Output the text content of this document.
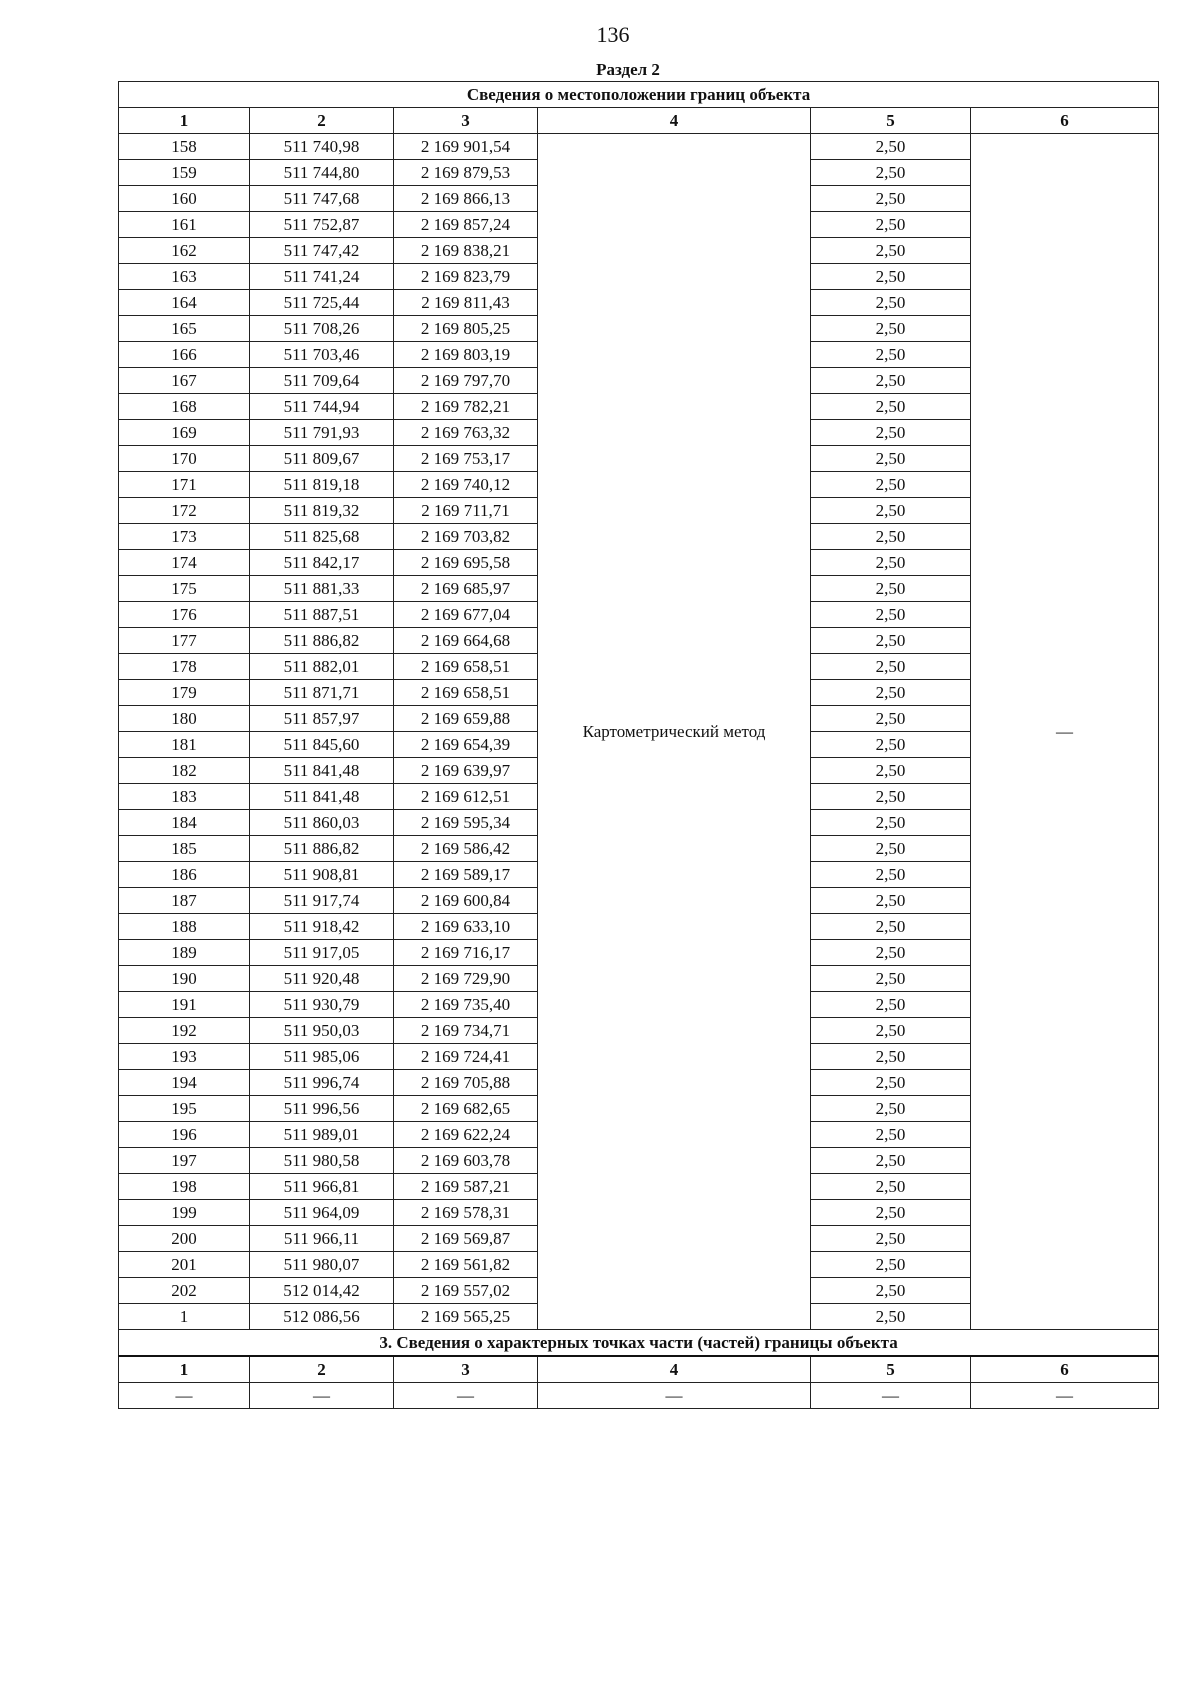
136
Раздел 2
Сведения о местоположении границ объекта					
1	2	3	4	5	6
158	511 740,98	2 169 901,54	Картометрический метод	2,50	—
159	511 744,80	2 169 879,53		2,50	
160	511 747,68	2 169 866,13		2,50	
161	511 752,87	2 169 857,24		2,50	
162	511 747,42	2 169 838,21		2,50	
163	511 741,24	2 169 823,79		2,50	
164	511 725,44	2 169 811,43		2,50	
165	511 708,26	2 169 805,25		2,50	
166	511 703,46	2 169 803,19		2,50	
167	511 709,64	2 169 797,70		2,50	
168	511 744,94	2 169 782,21		2,50	
169	511 791,93	2 169 763,32		2,50	
170	511 809,67	2 169 753,17		2,50	
171	511 819,18	2 169 740,12		2,50	
172	511 819,32	2 169 711,71		2,50	
173	511 825,68	2 169 703,82		2,50	
174	511 842,17	2 169 695,58		2,50	
175	511 881,33	2 169 685,97		2,50	
176	511 887,51	2 169 677,04		2,50	
177	511 886,82	2 169 664,68		2,50	
178	511 882,01	2 169 658,51		2,50	
179	511 871,71	2 169 658,51		2,50	
180	511 857,97	2 169 659,88		2,50	
181	511 845,60	2 169 654,39		2,50	
182	511 841,48	2 169 639,97		2,50	
183	511 841,48	2 169 612,51		2,50	
184	511 860,03	2 169 595,34		2,50	
185	511 886,82	2 169 586,42		2,50	
186	511 908,81	2 169 589,17		2,50	
187	511 917,74	2 169 600,84		2,50	
188	511 918,42	2 169 633,10		2,50	
189	511 917,05	2 169 716,17		2,50	
190	511 920,48	2 169 729,90		2,50	
191	511 930,79	2 169 735,40		2,50	
192	511 950,03	2 169 734,71		2,50	
193	511 985,06	2 169 724,41		2,50	
194	511 996,74	2 169 705,88		2,50	
195	511 996,56	2 169 682,65		2,50	
196	511 989,01	2 169 622,24		2,50	
197	511 980,58	2 169 603,78		2,50	
198	511 966,81	2 169 587,21		2,50	
199	511 964,09	2 169 578,31		2,50	
200	511 966,11	2 169 569,87		2,50	
201	511 980,07	2 169 561,82		2,50	
202	512 014,42	2 169 557,02		2,50	
1	512 086,56	2 169 565,25		2,50	
3. Сведения о характерных точках части (частей) границы объекта					
1	2	3	4	5	6
—	—	—	—	—	—
